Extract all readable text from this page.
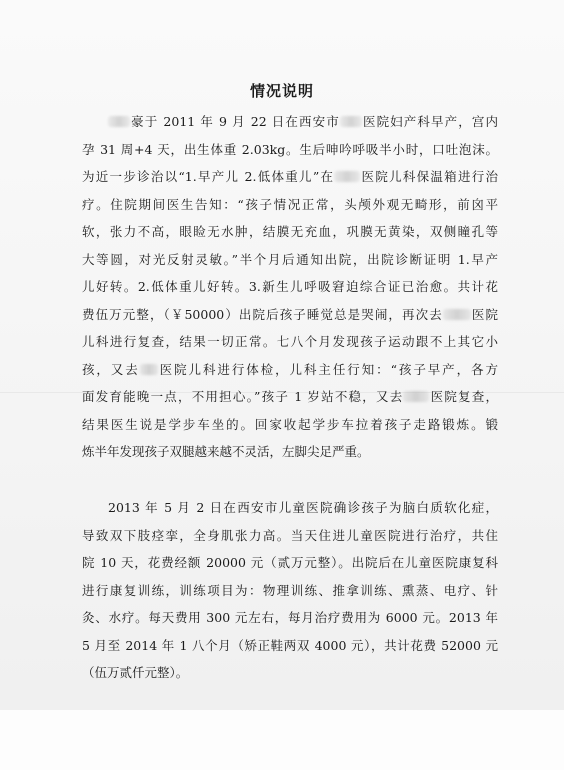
情况说明
豪于 2011 年 9 月 22 日在西安市 医院妇产科早产，宫内
孕 31 周+4 天，出生体重 2.03kg。生后呻吟呼吸半小时，口吐泡沫。
为近一步诊治以“1.早产儿 2.低体重儿”在 医院儿科保温箱进行治
疗。住院期间医生告知：“孩子情况正常，头颅外观无畸形，前囟平
软，张力不高，眼睑无水肿，结膜无充血，巩膜无黄染，双侧瞳孔等
大等圆，对光反射灵敏。”半个月后通知出院，出院诊断证明 1.早产
儿好转。2.低体重儿好转。3.新生儿呼吸窘迫综合证已治愈。共计花
费伍万元整，（￥50000）出院后孩子睡觉总是哭闹，再次去 医院
儿科进行复查，结果一切正常。七八个月发现孩子运动跟不上其它小
孩，又去 医院儿科进行体检，儿科主任行知：“孩子早产，各方
面发育能晚一点，不用担心。”孩子 1 岁站不稳，又去 医院复查，
结果医生说是学步车坐的。回家收起学步车拉着孩子走路锻炼。锻
炼半年发现孩子双腿越来越不灵活，左脚尖足严重。
2013 年 5 月 2 日在西安市儿童医院确诊孩子为脑白质软化症，
导致双下肢痉挛，全身肌张力高。当天住进儿童医院进行治疗，共住
院 10 天，花费经额 20000 元（贰万元整）。出院后在儿童医院康复科
进行康复训练，训练项目为：物理训练、推拿训练、熏蒸、电疗、针
灸、水疗。每天费用 300 元左右，每月治疗费用为 6000 元。2013 年
5 月至 2014 年 1 八个月（矫正鞋两双 4000 元），共计花费 52000 元
（伍万贰仟元整）。
